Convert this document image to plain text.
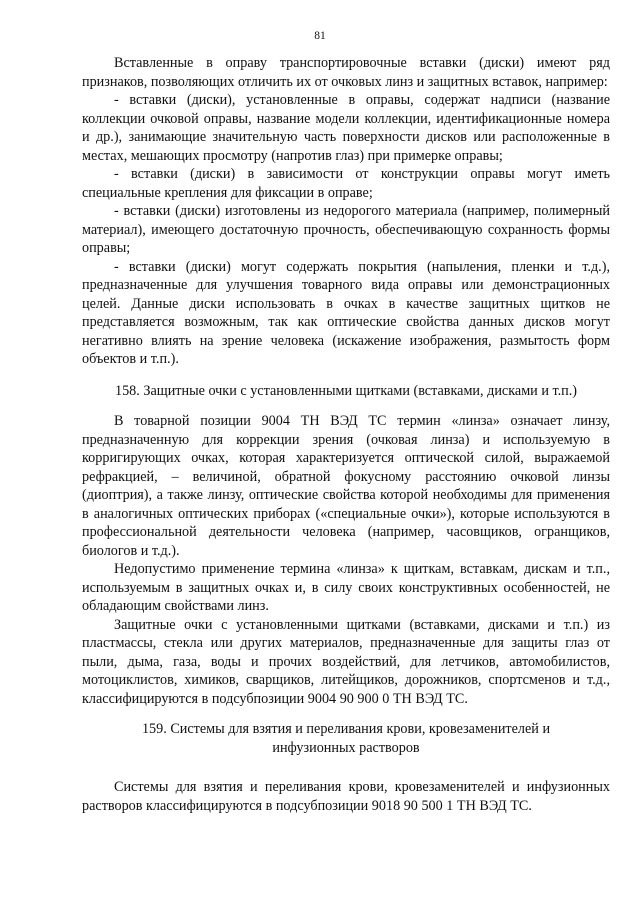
81

Вставленные в оправу транспортировочные вставки (диски) имеют ряд признаков, позволяющих отличить их от очковых линз и защитных вставок, например:

- вставки (диски), установленные в оправы, содержат надписи (название коллекции очковой оправы, название модели коллекции, идентификационные номера и др.), занимающие значительную часть поверхности дисков или расположенные в местах, мешающих просмотру (напротив глаз) при примерке оправы;

- вставки (диски) в зависимости от конструкции оправы могут иметь специальные крепления для фиксации в оправе;

- вставки (диски) изготовлены из недорогого материала (например, полимерный материал), имеющего достаточную прочность, обеспечивающую сохранность формы оправы;

- вставки (диски) могут содержать покрытия (напыления, пленки и т.д.), предназначенные для улучшения товарного вида оправы или демонстрационных целей. Данные диски использовать в очках в качестве защитных щитков не представляется возможным, так как оптические свойства данных дисков могут негативно влиять на зрение человека (искажение изображения, размытость форм объектов и т.п.).

158. Защитные очки с установленными щитками (вставками, дисками и т.п.)

В товарной позиции 9004 ТН ВЭД ТС термин «линза» означает линзу, предназначенную для коррекции зрения (очковая линза) и используемую в корригирующих очках, которая характеризуется оптической силой, выражаемой рефракцией, – величиной, обратной фокусному расстоянию очковой линзы (диоптрия), а также линзу, оптические свойства которой необходимы для применения в аналогичных оптических приборах («специальные очки»), которые используются в профессиональной деятельности человека (например, часовщиков, огранщиков, биологов и т.д.).

Недопустимо применение термина «линза» к щиткам, вставкам, дискам и т.п., используемым в защитных очках и, в силу своих конструктивных особенностей, не обладающим свойствами линз.

Защитные очки с установленными щитками (вставками, дисками и т.п.) из пластмассы, стекла или других материалов, предназначенные для защиты глаз от пыли, дыма, газа, воды и прочих воздействий, для летчиков, автомобилистов, мотоциклистов, химиков, сварщиков, литейщиков, дорожников, спортсменов и т.д., классифицируются в подсубпозиции 9004 90 900 0 ТН ВЭД ТС.

159. Системы для взятия и переливания крови, кровезаменителей и
инфузионных растворов

Системы для взятия и переливания крови, кровезаменителей и инфузионных растворов классифицируются в подсубпозиции 9018 90 500 1 ТН ВЭД ТС.
